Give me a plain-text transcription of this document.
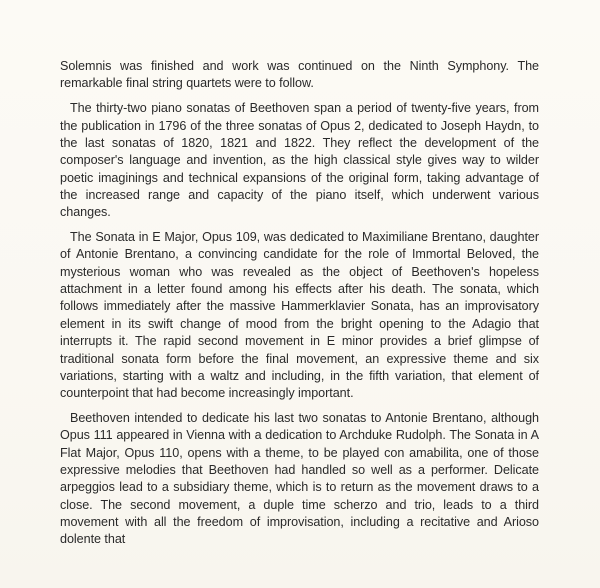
Solemnis was finished and work was continued on the Ninth Symphony. The remarkable final string quartets were to follow.

The thirty-two piano sonatas of Beethoven span a period of twenty-five years, from the publication in 1796 of the three sonatas of Opus 2, dedicated to Joseph Haydn, to the last sonatas of 1820, 1821 and 1822. They reflect the development of the composer's language and invention, as the high classical style gives way to wilder poetic imaginings and technical expansions of the original form, taking advantage of the increased range and capacity of the piano itself, which underwent various changes.

The Sonata in E Major, Opus 109, was dedicated to Maximiliane Brentano, daughter of Antonie Brentano, a convincing candidate for the role of Immortal Beloved, the mysterious woman who was revealed as the object of Beethoven's hopeless attachment in a letter found among his effects after his death. The sonata, which follows immediately after the massive Hammerklavier Sonata, has an improvisatory element in its swift change of mood from the bright opening to the Adagio that interrupts it. The rapid second movement in E minor provides a brief glimpse of traditional sonata form before the final movement, an expressive theme and six variations, starting with a waltz and including, in the fifth variation, that element of counterpoint that had become increasingly important.

Beethoven intended to dedicate his last two sonatas to Antonie Brentano, although Opus 111 appeared in Vienna with a dedication to Archduke Rudolph. The Sonata in A Flat Major, Opus 110, opens with a theme, to be played con amabilita, one of those expressive melodies that Beethoven had handled so well as a performer. Delicate arpeggios lead to a subsidiary theme, which is to return as the movement draws to a close. The second movement, a duple time scherzo and trio, leads to a third movement with all the freedom of improvisation, including a recitative and Arioso dolente that
